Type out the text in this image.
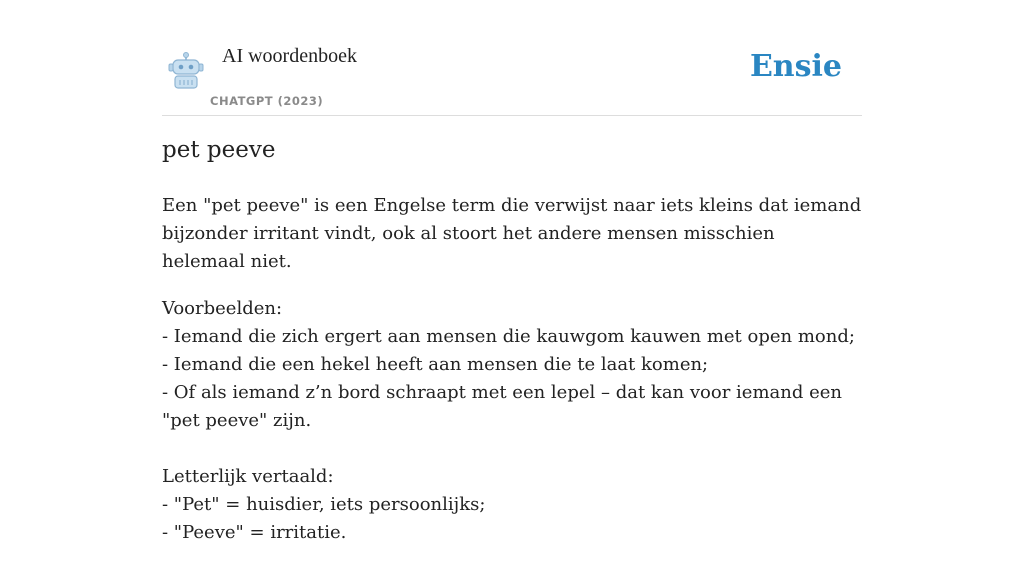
AI woordenboek
CHATGPT (2023)
Ensie
pet peeve

Een "pet peeve" is een Engelse term die verwijst naar iets kleins dat iemand bijzonder irritant vindt, ook al stoort het andere mensen misschien helemaal niet.

Voorbeelden:
- Iemand die zich ergert aan mensen die kauwgom kauwen met open mond;
- Iemand die een hekel heeft aan mensen die te laat komen;
- Of als iemand z’n bord schraapt met een lepel – dat kan voor iemand een "pet peeve" zijn.

Letterlijk vertaald:
- "Pet" = huisdier, iets persoonlijks;
- "Peeve" = irritatie.
